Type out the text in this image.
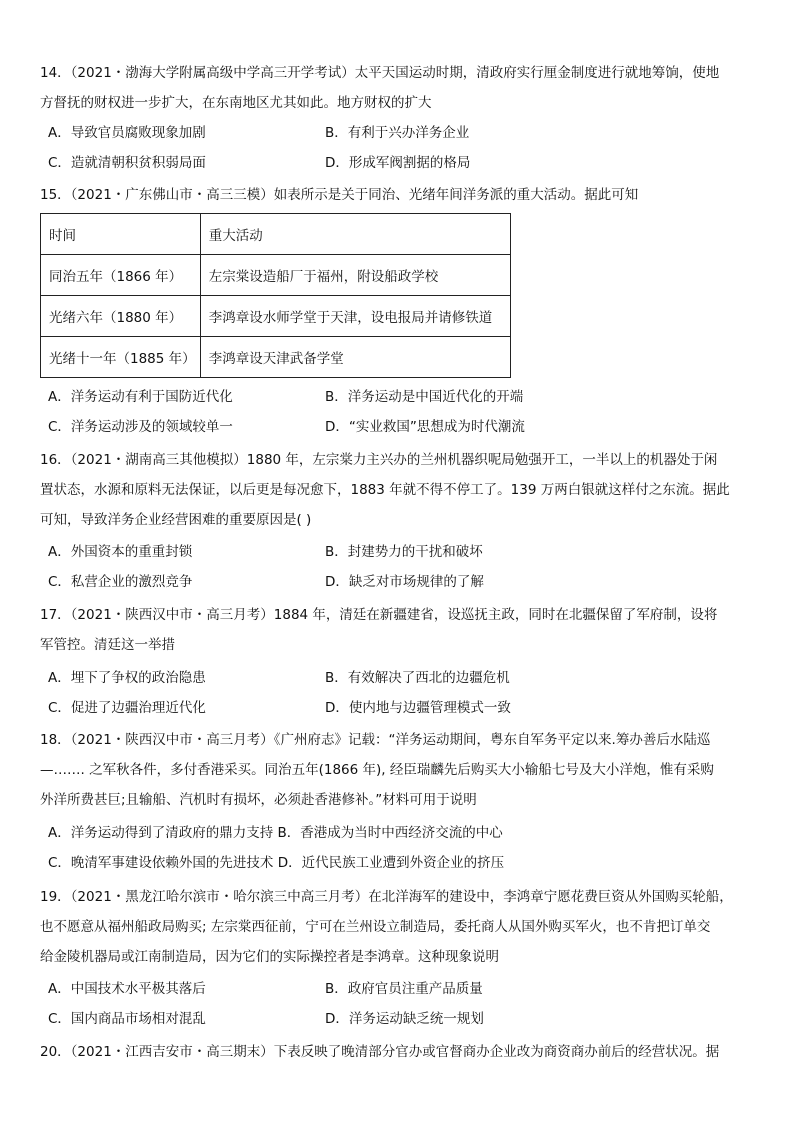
14．（2021・渤海大学附属高级中学高三开学考试）太平天国运动时期，清政府实行厘金制度进行就地筹饷，使地
方督抚的财权进一步扩大，在东南地区尤其如此。地方财权的扩大
A．导致官员腐败现象加剧	B．有利于兴办洋务企业
C．造就清朝积贫积弱局面	D．形成军阀割据的格局
15．（2021・广东佛山市・高三三模）如表所示是关于同治、光绪年间洋务派的重大活动。据此可知
时间	重大活动
同治五年（1866 年）	左宗棠设造船厂于福州，附设船政学校
光绪六年（1880 年）	李鸿章设水师学堂于天津，设电报局并请修铁道
光绪十一年（1885 年）	李鸿章设天津武备学堂
A．洋务运动有利于国防近代化	B．洋务运动是中国近代化的开端
C．洋务运动涉及的领域较单一	D．“实业救国”思想成为时代潮流
16．（2021・湖南高三其他模拟）1880 年，左宗棠力主兴办的兰州机器织呢局勉强开工，一半以上的机器处于闲
置状态，水源和原料无法保证，以后更是每况愈下，1883 年就不得不停工了。139 万两白银就这样付之东流。据此
可知，导致洋务企业经营困难的重要原因是( )
A．外国资本的重重封锁	B．封建势力的干扰和破坏
C．私营企业的激烈竞争	D．缺乏对市场规律的了解
17．（2021・陕西汉中市・高三月考）1884 年，清廷在新疆建省，设巡抚主政，同时在北疆保留了军府制，设将
军管控。清廷这一举措
A．埋下了争权的政治隐患	B．有效解决了西北的边疆危机
C．促进了边疆治理近代化	D．使内地与边疆管理模式一致
18．（2021・陕西汉中市・高三月考）《广州府志》记载：“洋务运动期间，粤东自军务平定以来.筹办善后水陆巡
—……. 之军秋各件，多付香港采买。同治五年(1866 年), 经臣瑞麟先后购买大小输船七号及大小洋炮，惟有采购
外洋所费甚巨;且输船、汽机时有损坏，必须赴香港修补。”材料可用于说明
A．洋务运动得到了清政府的鼎力支持 B．香港成为当时中西经济交流的中心
C．晚清军事建设依赖外国的先进技术 D．近代民族工业遭到外资企业的挤压
19．（2021・黑龙江哈尔滨市・哈尔滨三中高三月考）在北洋海军的建设中，李鸿章宁愿花费巨资从外国购买轮船，
也不愿意从福州船政局购买; 左宗棠西征前，宁可在兰州设立制造局，委托商人从国外购买军火，也不肯把订单交
给金陵机器局或江南制造局，因为它们的实际操控者是李鸿章。这种现象说明
A．中国技术水平极其落后	B．政府官员注重产品质量
C．国内商品市场相对混乱	D．洋务运动缺乏统一规划
20．（2021・江西吉安市・高三期末）下表反映了晚清部分官办或官督商办企业改为商资商办前后的经营状况。据
